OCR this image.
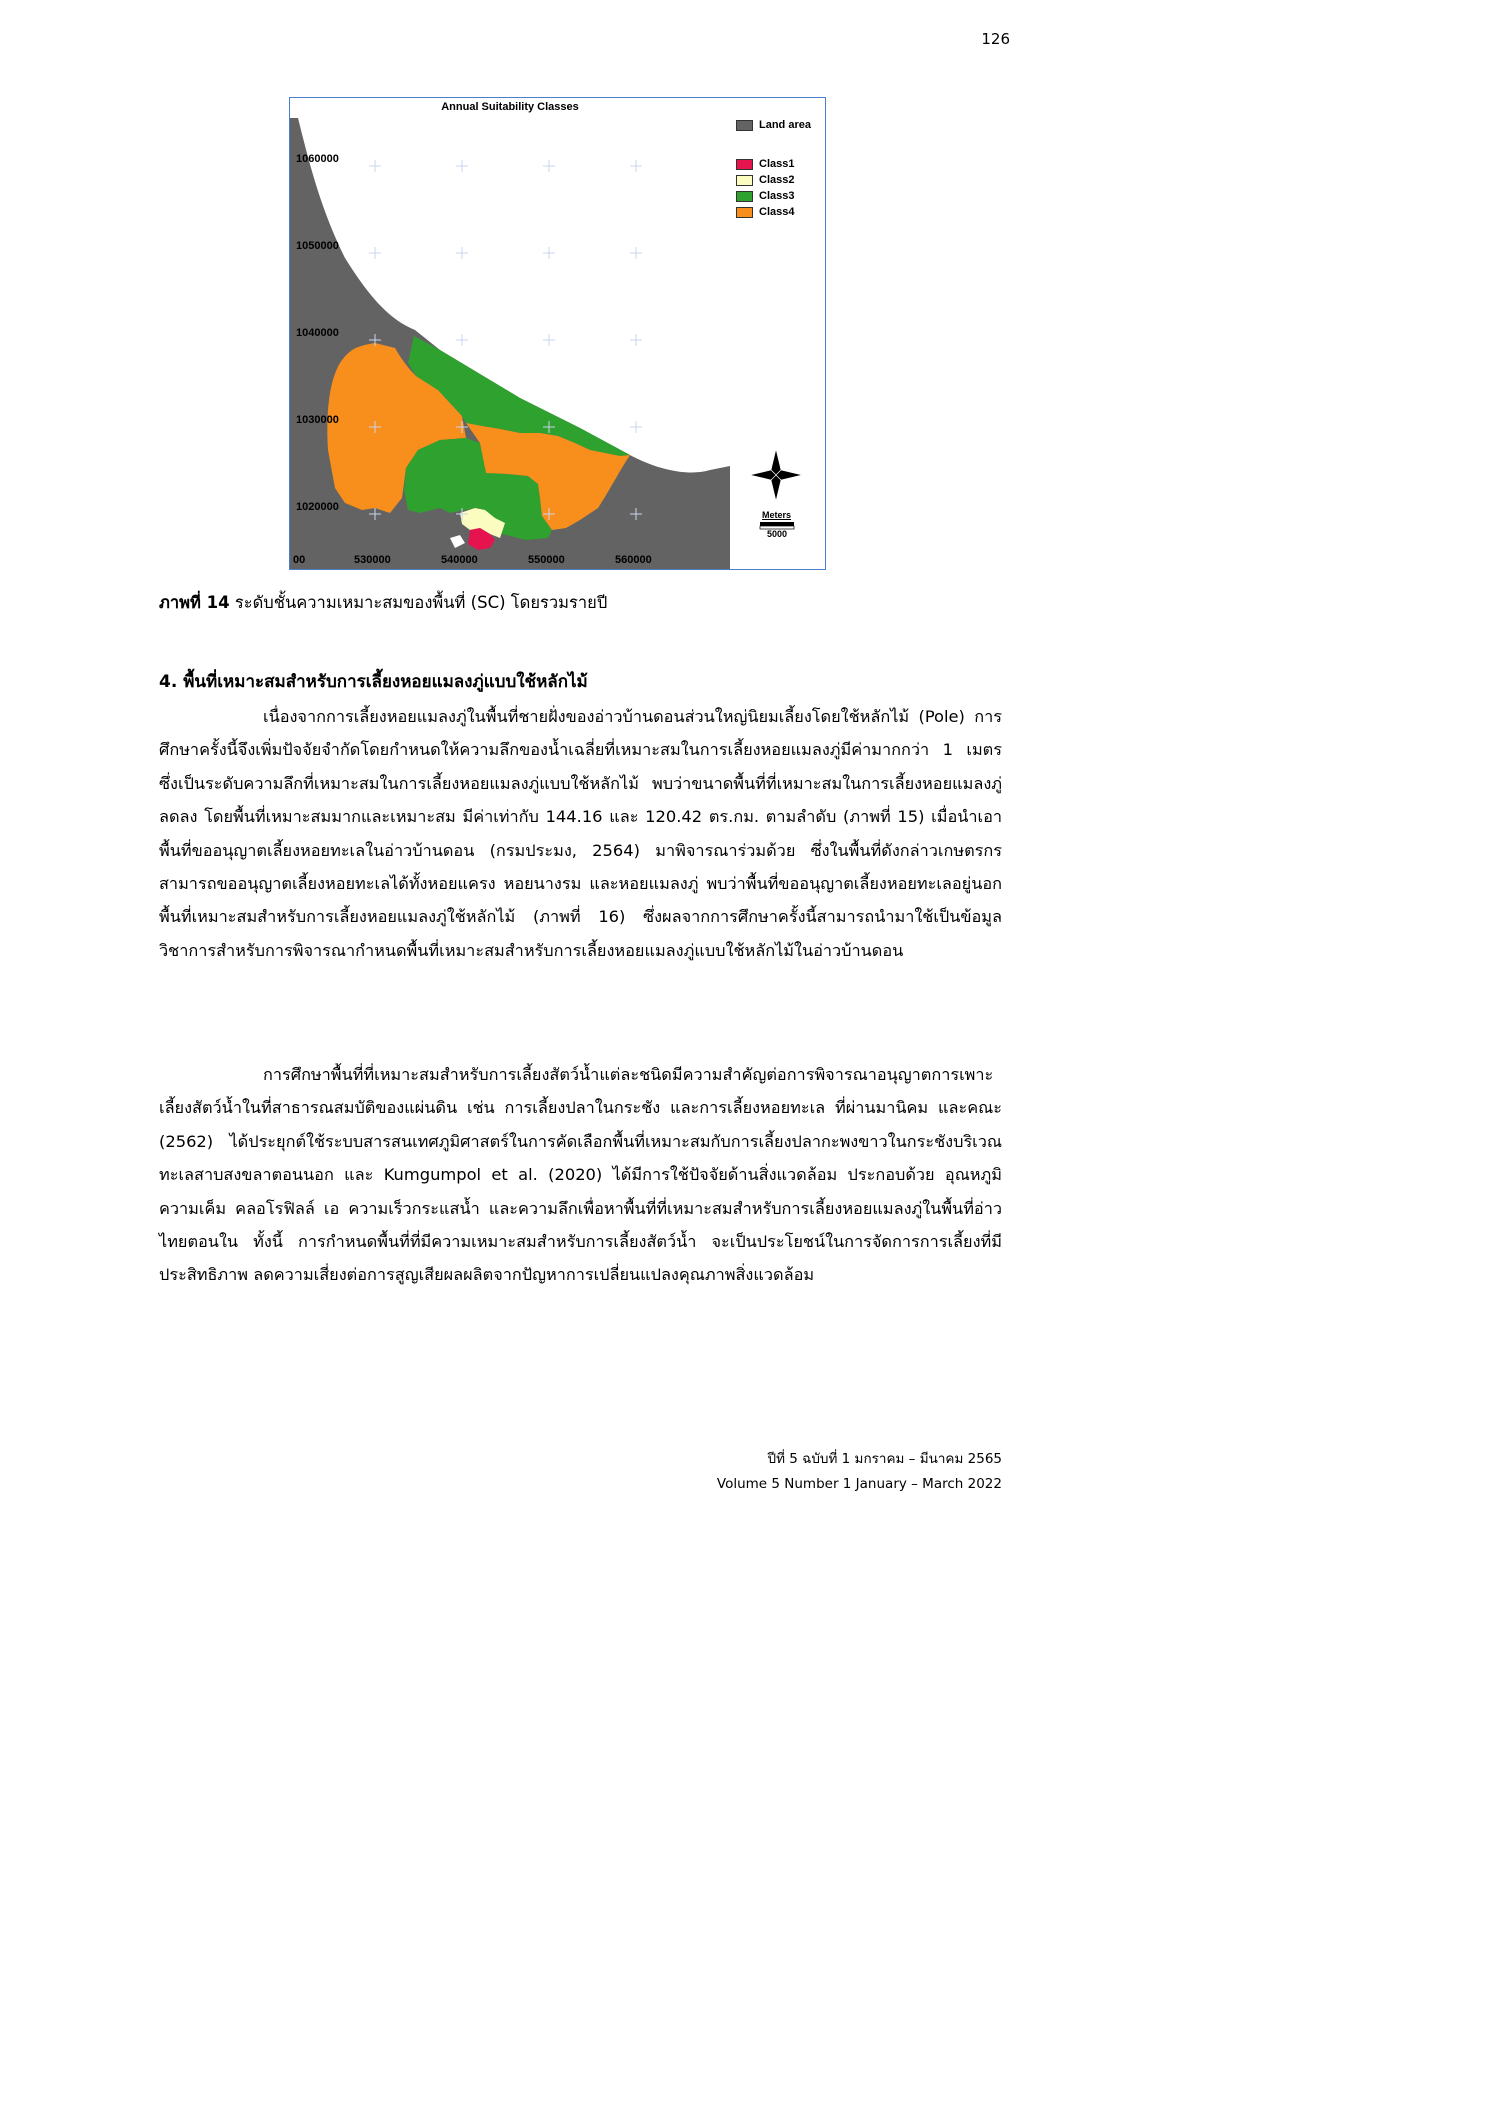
126
Annual Suitability Classes
Land area
Class1
Class2
Class3
Class4
1060000
1050000
1040000
1030000
1020000
00	530000	540000	550000	560000
Meters
5000
ภาพที่ 14 ระดับชั้นความเหมาะสมของพื้นที่ (SC) โดยรวมรายปี
4. พื้นที่เหมาะสมสำหรับการเลี้ยงหอยแมลงภู่แบบใช้หลักไม้

เนื่องจากการเลี้ยงหอยแมลงภู่ในพื้นที่ชายฝั่งของอ่าวบ้านดอนส่วนใหญ่นิยมเลี้ยงโดยใช้หลักไม้ (Pole) การศึกษาครั้งนี้จึงเพิ่มปัจจัยจำกัดโดยกำหนดให้ความลึกของน้ำเฉลี่ยที่เหมาะสมในการเลี้ยงหอยแมลงภู่มีค่ามากกว่า 1 เมตร ซึ่งเป็นระดับความลึกที่เหมาะสมในการเลี้ยงหอยแมลงภู่แบบใช้หลักไม้ พบว่าขนาดพื้นที่ที่เหมาะสมในการเลี้ยงหอยแมลงภู่ลดลง โดยพื้นที่เหมาะสมมากและเหมาะสม มีค่าเท่ากับ 144.16 และ 120.42 ตร.กม. ตามลำดับ (ภาพที่ 15) เมื่อนำเอาพื้นที่ขออนุญาตเลี้ยงหอยทะเลในอ่าวบ้านดอน (กรมประมง, 2564) มาพิจารณาร่วมด้วย ซึ่งในพื้นที่ดังกล่าวเกษตรกรสามารถขออนุญาตเลี้ยงหอยทะเลได้ทั้งหอยแครง หอยนางรม และหอยแมลงภู่ พบว่าพื้นที่ขออนุญาตเลี้ยงหอยทะเลอยู่นอกพื้นที่เหมาะสมสำหรับการเลี้ยงหอยแมลงภู่ใช้หลักไม้ (ภาพที่ 16) ซึ่งผลจากการศึกษาครั้งนี้สามารถนำมาใช้เป็นข้อมูลวิชาการสำหรับการพิจารณากำหนดพื้นที่เหมาะสมสำหรับการเลี้ยงหอยแมลงภู่แบบใช้หลักไม้ในอ่าวบ้านดอน

การศึกษาพื้นที่ที่เหมาะสมสำหรับการเลี้ยงสัตว์น้ำแต่ละชนิดมีความสำคัญต่อการพิจารณาอนุญาตการเพาะเลี้ยงสัตว์น้ำในที่สาธารณสมบัติของแผ่นดิน เช่น การเลี้ยงปลาในกระชัง และการเลี้ยงหอยทะเล ที่ผ่านมานิคม และคณะ (2562) ได้ประยุกต์ใช้ระบบสารสนเทศภูมิศาสตร์ในการคัดเลือกพื้นที่เหมาะสมกับการเลี้ยงปลากะพงขาวในกระชังบริเวณทะเลสาบสงขลาตอนนอก และ Kumgumpol et al. (2020) ได้มีการใช้ปัจจัยด้านสิ่งแวดล้อม ประกอบด้วย อุณหภูมิ ความเค็ม คลอโรฟิลล์ เอ ความเร็วกระแสน้ำ และความลึกเพื่อหาพื้นที่ที่เหมาะสมสำหรับการเลี้ยงหอยแมลงภู่ในพื้นที่อ่าวไทยตอนใน ทั้งนี้ การกำหนดพื้นที่ที่มีความเหมาะสมสำหรับการเลี้ยงสัตว์น้ำ จะเป็นประโยชน์ในการจัดการการเลี้ยงที่มีประสิทธิภาพ ลดความเสี่ยงต่อการสูญเสียผลผลิตจากปัญหาการเปลี่ยนแปลงคุณภาพสิ่งแวดล้อม

ปีที่ 5 ฉบับที่ 1 มกราคม – มีนาคม 2565
Volume 5 Number 1 January – March 2022
